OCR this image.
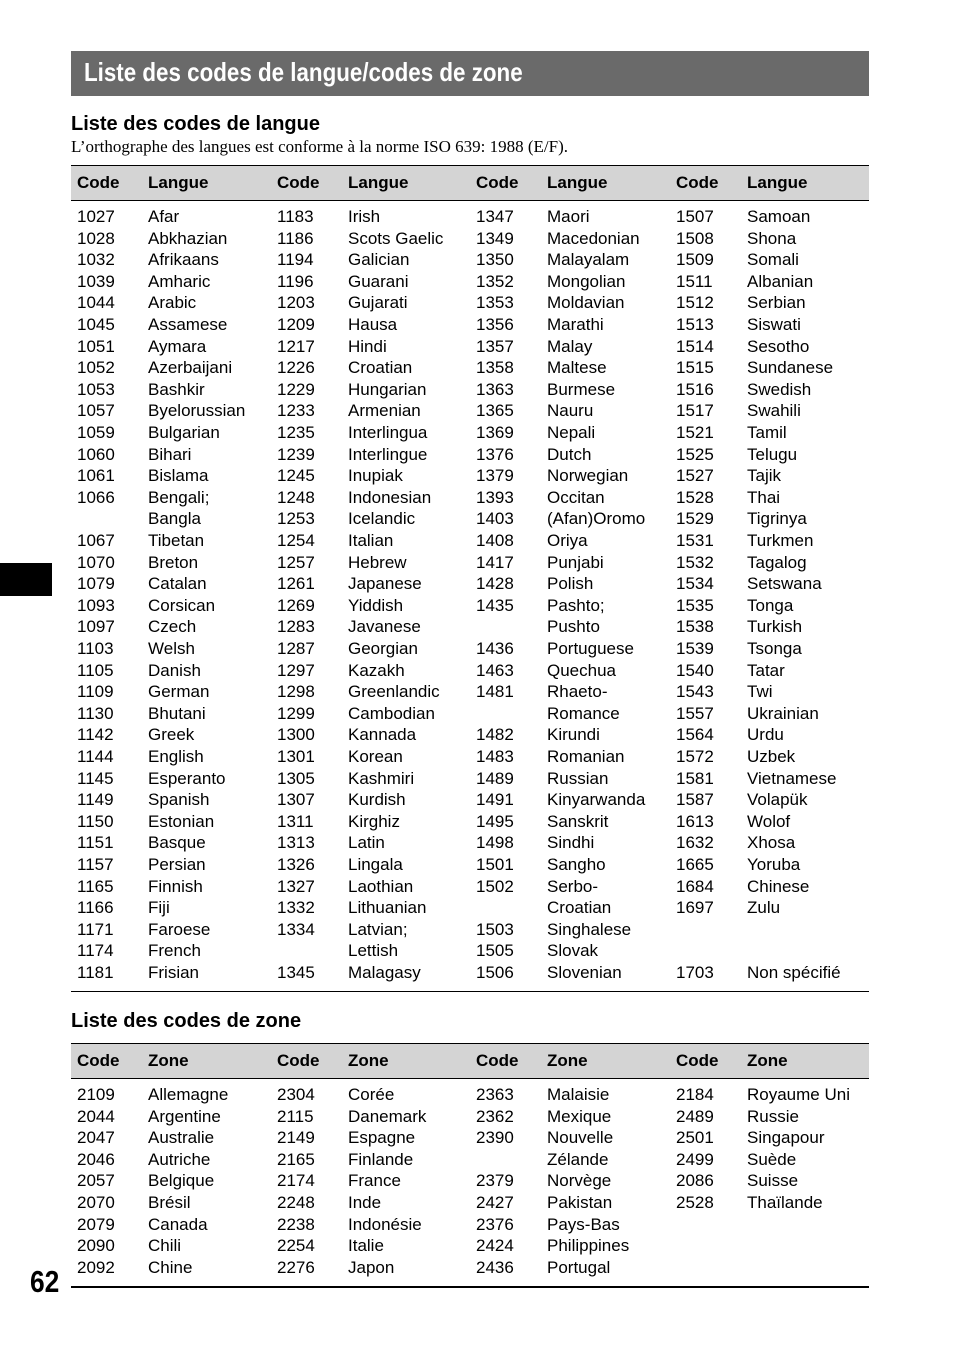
Liste des codes de langue/codes de zone
Liste des codes de langue
L’orthographe des langues est conforme à la norme ISO 639: 1988 (E/F).
Code Langue	Code Langue	Code Langue	Code Langue
1027 Afar	1183 Irish	1347 Maori	1507 Samoan
1028 Abkhazian	1186 Scots Gaelic 1349 Macedonian 1508 Shona
1032 Afrikaans	1194 Galician	1350 Malayalam	1509 Somali
1039 Amharic	1196 Guarani	1352 Mongolian	1511 Albanian
1044 Arabic	1203 Gujarati	1353 Moldavian	1512 Serbian
1045 Assamese	1209 Hausa	1356 Marathi	1513 Siswati
1051 Aymara	1217 Hindi	1357 Malay	1514 Sesotho
1052 Azerbaijani	1226 Croatian	1358 Maltese	1515 Sundanese
1053 Bashkir	1229 Hungarian	1363 Burmese	1516 Swedish
1057 Byelorussian 1233 Armenian	1365 Nauru	1517 Swahili
1059 Bulgarian	1235 Interlingua	1369 Nepali	1521 Tamil
1060 Bihari	1239 Interlingue	1376 Dutch	1525 Telugu
1061 Bislama	1245 Inupiak	1379 Norwegian	1527 Tajik
1066 Bengali;	1248 Indonesian	1393 Occitan	1528 Thai
Bangla	1253 Icelandic	1403 (Afan)Oromo 1529 Tigrinya
1067 Tibetan	1254 Italian	1408 Oriya	1531 Turkmen
1070 Breton	1257 Hebrew	1417 Punjabi	1532 Tagalog
1079 Catalan	1261 Japanese	1428 Polish	1534 Setswana
1093 Corsican	1269 Yiddish	1435 Pashto;	1535 Tonga
1097 Czech	1283 Javanese	Pushto	1538 Turkish
1103 Welsh	1287 Georgian	1436 Portuguese 1539 Tsonga
1105 Danish	1297 Kazakh	1463 Quechua	1540 Tatar
1109 German	1298 Greenlandic 1481 Rhaeto-	1543 Twi
1130 Bhutani	1299 Cambodian	Romance	1557 Ukrainian
1142 Greek	1300 Kannada	1482 Kirundi	1564 Urdu
1144 English	1301 Korean	1483 Romanian	1572 Uzbek
1145 Esperanto	1305 Kashmiri	1489 Russian	1581 Vietnamese
1149 Spanish	1307 Kurdish	1491 Kinyarwanda 1587 Volapük
1150 Estonian	1311 Kirghiz	1495 Sanskrit	1613 Wolof
1151 Basque	1313 Latin	1498 Sindhi	1632 Xhosa
1157 Persian	1326 Lingala	1501 Sangho	1665 Yoruba
1165 Finnish	1327 Laothian	1502 Serbo-	1684 Chinese
1166 Fiji	1332 Lithuanian	Croatian	1697 Zulu
1171 Faroese	1334 Latvian;	1503 Singhalese
1174 French	Lettish	1505 Slovak
1181 Frisian	1345 Malagasy	1506 Slovenian	1703 Non spécifié
Liste des codes de zone
Code Zone	Code Zone	Code Zone	Code Zone
2109 Allemagne	2304 Corée	2363 Malaisie	2184 Royaume Uni
2044 Argentine	2115 Danemark	2362 Mexique	2489 Russie
2047 Australie	2149 Espagne	2390 Nouvelle	2501 Singapour
2046 Autriche	2165 Finlande	Zélande	2499 Suède
2057 Belgique	2174 France	2379 Norvège	2086 Suisse
2070 Brésil	2248 Inde	2427 Pakistan	2528 Thaïlande
2079 Canada	2238 Indonésie	2376 Pays-Bas
2090 Chili	2254 Italie	2424 Philippines
2092 Chine	2276 Japon	2436 Portugal
62
